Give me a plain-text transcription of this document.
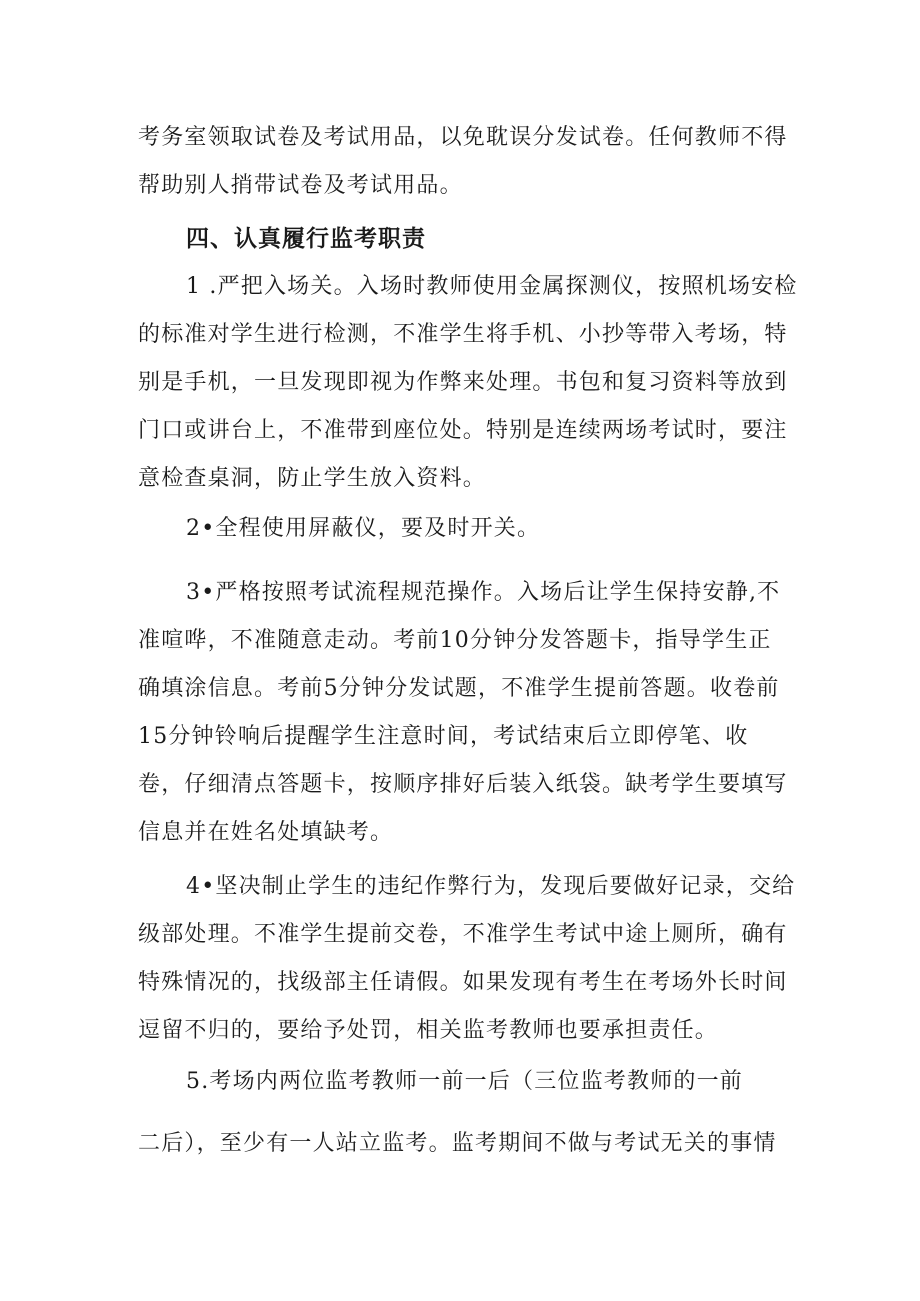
考务室领取试卷及考试用品，以免耽误分发试卷。任何教师不得
帮助别人捎带试卷及考试用品。
四、认真履行监考职责
1 .严把入场关。入场时教师使用金属探测仪，按照机场安检
的标准对学生进行检测，不准学生将手机、小抄等带入考场，特
别是手机，一旦发现即视为作弊来处理。书包和复习资料等放到
门口或讲台上，不准带到座位处。特别是连续两场考试时，要注
意检查桌洞，防止学生放入资料。
2•全程使用屏蔽仪，要及时开关。
3•严格按照考试流程规范操作。入场后让学生保持安静,不
准喧哗，不准随意走动。考前10分钟分发答题卡，指导学生正
确填涂信息。考前5分钟分发试题，不准学生提前答题。收卷前
15分钟铃响后提醒学生注意时间，考试结束后立即停笔、收
卷，仔细清点答题卡，按顺序排好后装入纸袋。缺考学生要填写
信息并在姓名处填缺考。
4•坚决制止学生的违纪作弊行为，发现后要做好记录，交给
级部处理。不准学生提前交卷，不准学生考试中途上厕所，确有
特殊情况的，找级部主任请假。如果发现有考生在考场外长时间
逗留不归的，要给予处罚，相关监考教师也要承担责任。
5.考场内两位监考教师一前一后（三位监考教师的一前
二后），至少有一人站立监考。监考期间不做与考试无关的事情
